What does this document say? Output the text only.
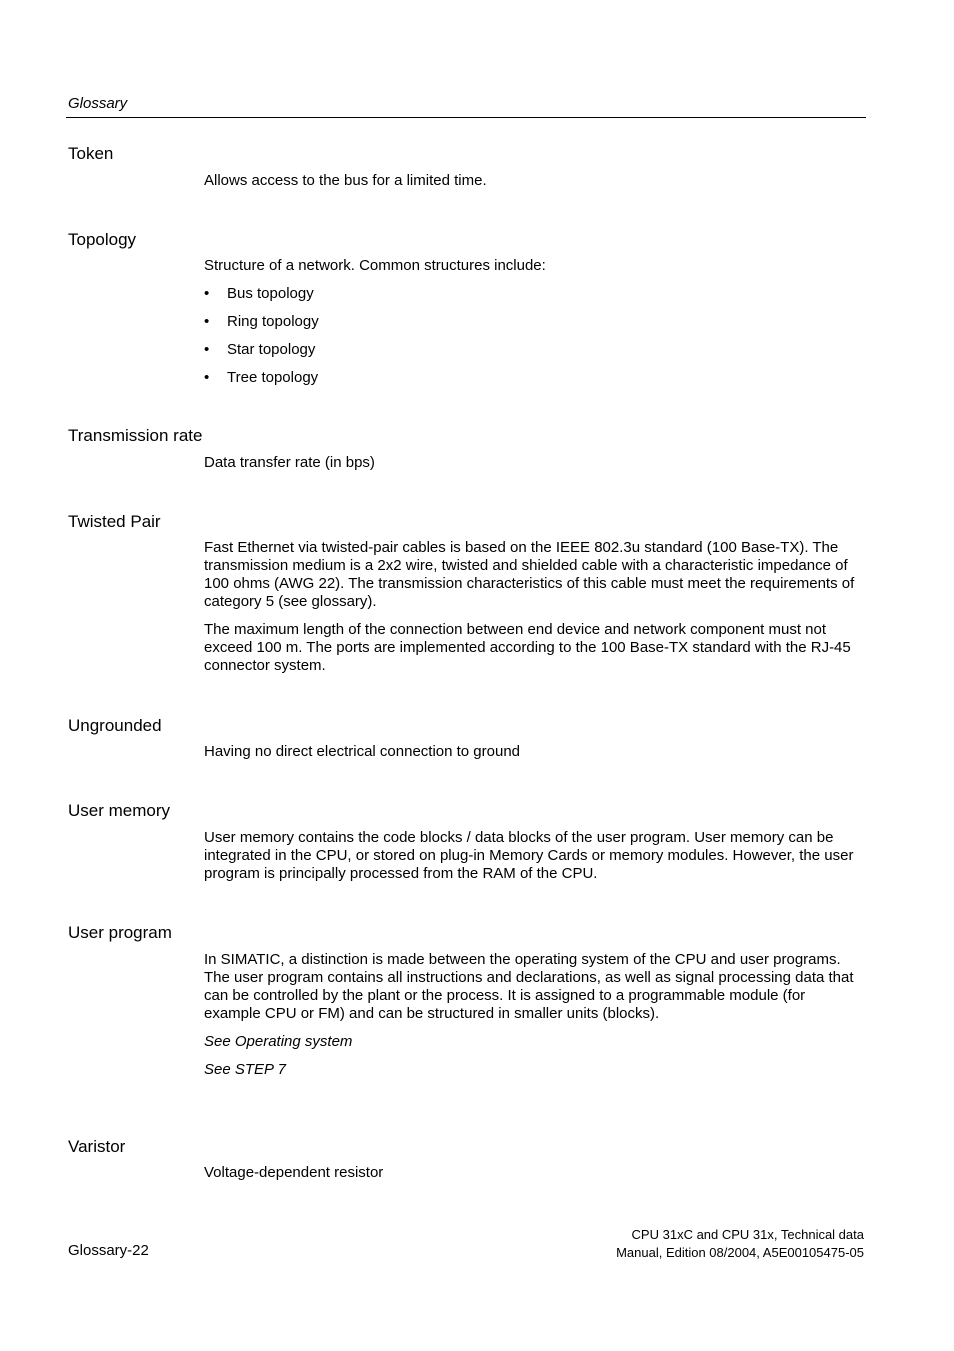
Glossary
Token
Allows access to the bus for a limited time.
Topology

Structure of a network. Common structures include:

• Bus topology
• Ring topology
• Star topology
• Tree topology
Transmission rate
Data transfer rate (in bps)
Twisted Pair

Fast Ethernet via twisted-pair cables is based on the IEEE 802.3u standard (100 Base-TX). The transmission medium is a 2x2 wire, twisted and shielded cable with a characteristic impedance of 100 ohms (AWG 22). The transmission characteristics of this cable must meet the requirements of category 5 (see glossary).

The maximum length of the connection between end device and network component must not exceed 100 m. The ports are implemented according to the 100 Base-TX standard with the RJ-45 connector system.

Ungrounded
Having no direct electrical connection to ground
User memory
User memory contains the code blocks / data blocks of the user program. User memory can be integrated in the CPU, or stored on plug-in Memory Cards or memory modules. However, the user program is principally processed from the RAM of the CPU.
User program

In SIMATIC, a distinction is made between the operating system of the CPU and user programs. The user program contains all instructions and declarations, as well as signal processing data that can be controlled by the plant or the process. It is assigned to a programmable module (for example CPU or FM) and can be structured in smaller units (blocks).

See Operating system

See STEP 7

Varistor
Voltage-dependent resistor
Glossary-22
CPU 31xC and CPU 31x, Technical data
Manual, Edition 08/2004, A5E00105475-05
